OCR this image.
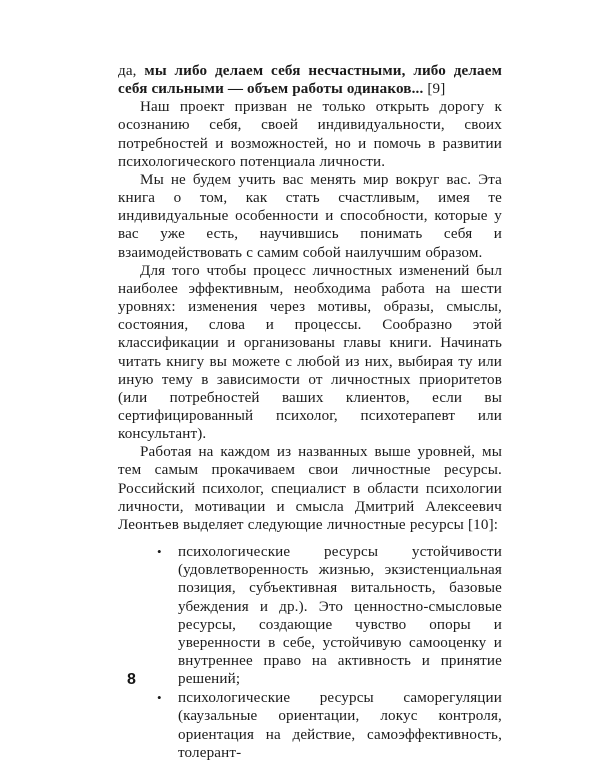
да, мы либо делаем себя несчастными, либо делаем себя сильными — объем работы одинаков... [9]

Наш проект призван не только открыть дорогу к осознанию себя, своей индивидуальности, своих потребностей и возможностей, но и помочь в развитии психологического потенциала личности.

Мы не будем учить вас менять мир вокруг вас. Эта книга о том, как стать счастливым, имея те индивидуальные особенности и способности, которые у вас уже есть, научившись понимать себя и взаимодействовать с самим собой наилучшим образом.

Для того чтобы процесс личностных изменений был наиболее эффективным, необходима работа на шести уровнях: изменения через мотивы, образы, смыслы, состояния, слова и процессы. Сообразно этой классификации и организованы главы книги. Начинать читать книгу вы можете с любой из них, выбирая ту или иную тему в зависимости от личностных приоритетов (или потребностей ваших клиентов, если вы сертифицированный психолог, психотерапевт или консультант).

Работая на каждом из названных выше уровней, мы тем самым прокачиваем свои личностные ресурсы. Российский психолог, специалист в области психологии личности, мотивации и смысла Дмитрий Алексеевич Леонтьев выделяет следующие личностные ресурсы [10]:

• психологические ресурсы устойчивости (удовлетворенность жизнью, экзистенциальная позиция, субъективная витальность, базовые убеждения и др.). Это ценностно-смысловые ресурсы, создающие чувство опоры и уверенности в себе, устойчивую самооценку и внутреннее право на активность и принятие решений;
• психологические ресурсы саморегуляции (каузальные ориентации, локус контроля, ориентация на действие, самоэффективность, толерант-
8
